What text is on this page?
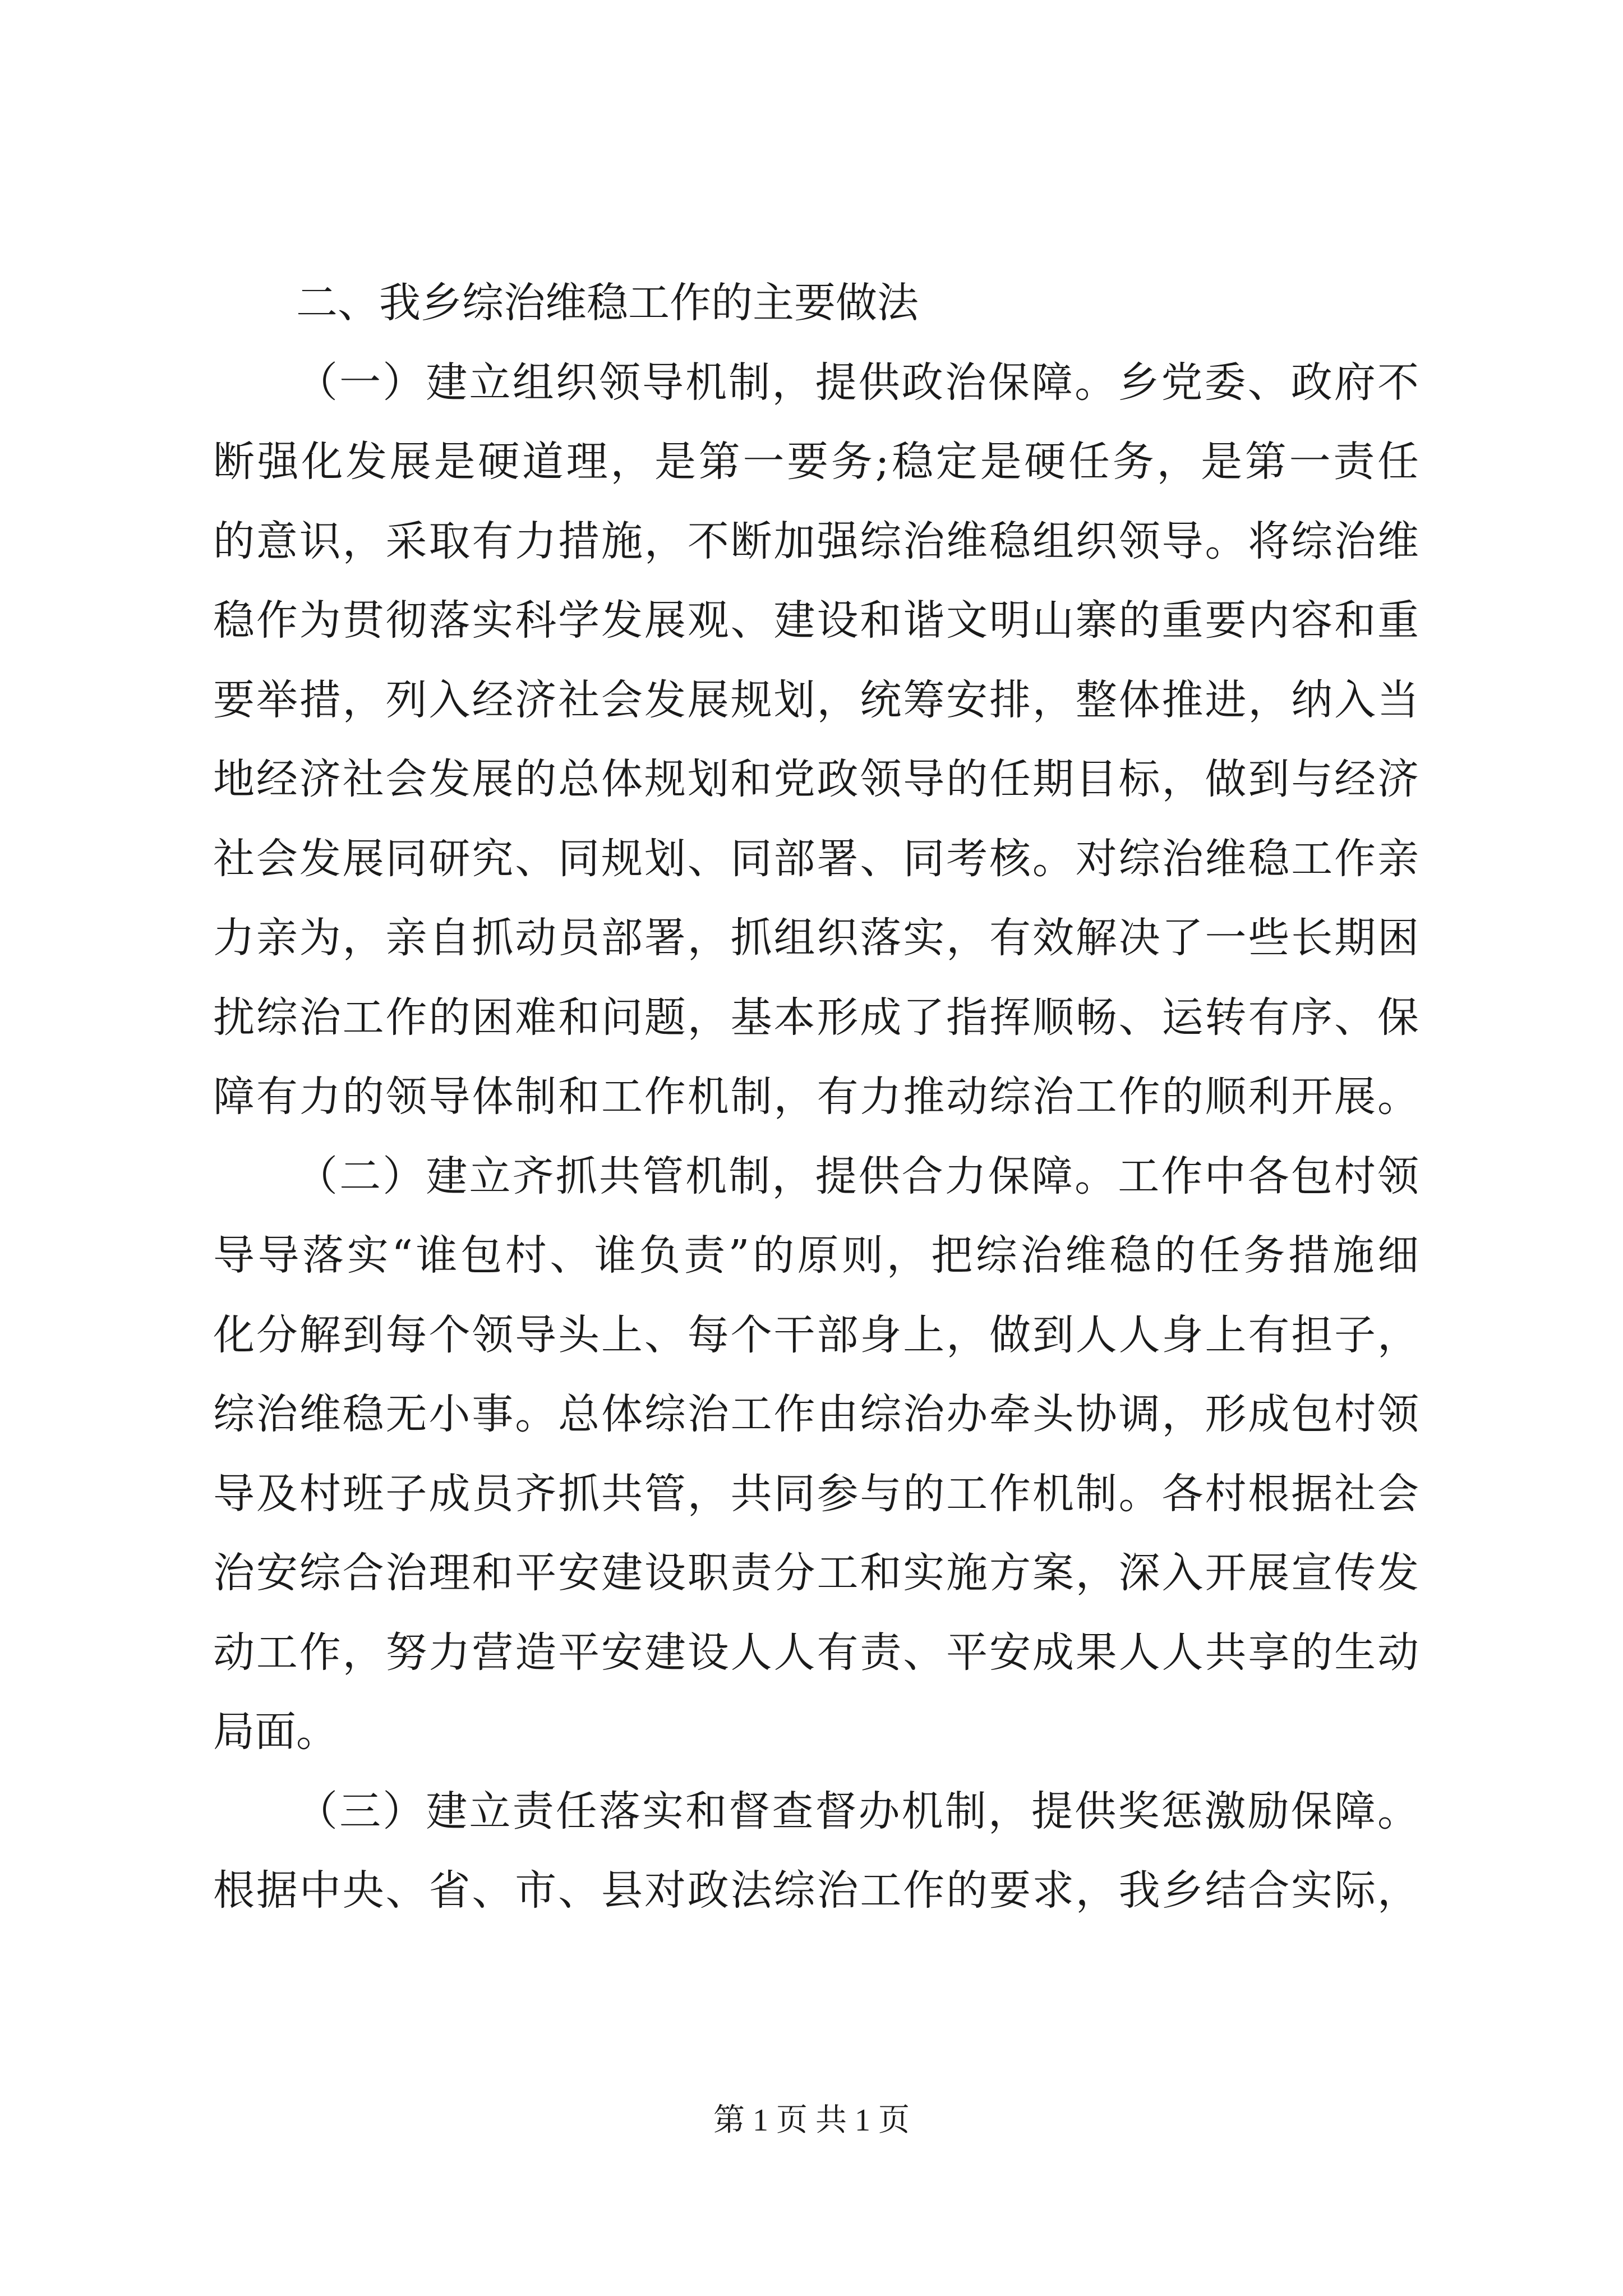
二、我乡综治维稳工作的主要做法
（一）建立组织领导机制，提供政治保障。乡党委、政府不
断强化发展是硬道理，是第一要务;稳定是硬任务，是第一责任
的意识，采取有力措施，不断加强综治维稳组织领导。将综治维
稳作为贯彻落实科学发展观、建设和谐文明山寨的重要内容和重
要举措，列入经济社会发展规划，统筹安排，整体推进，纳入当
地经济社会发展的总体规划和党政领导的任期目标，做到与经济
社会发展同研究、同规划、同部署、同考核。对综治维稳工作亲
力亲为，亲自抓动员部署，抓组织落实，有效解决了一些长期困
扰综治工作的困难和问题，基本形成了指挥顺畅、运转有序、保
障有力的领导体制和工作机制，有力推动综治工作的顺利开展。
（二）建立齐抓共管机制，提供合力保障。工作中各包村领
导导落实“谁包村、谁负责”的原则，把综治维稳的任务措施细
化分解到每个领导头上、每个干部身上，做到人人身上有担子，
综治维稳无小事。总体综治工作由综治办牵头协调，形成包村领
导及村班子成员齐抓共管，共同参与的工作机制。各村根据社会
治安综合治理和平安建设职责分工和实施方案，深入开展宣传发
动工作，努力营造平安建设人人有责、平安成果人人共享的生动
局面。
（三）建立责任落实和督查督办机制，提供奖惩激励保障。
根据中央、省、市、县对政法综治工作的要求，我乡结合实际，
第 1 页 共 1 页
